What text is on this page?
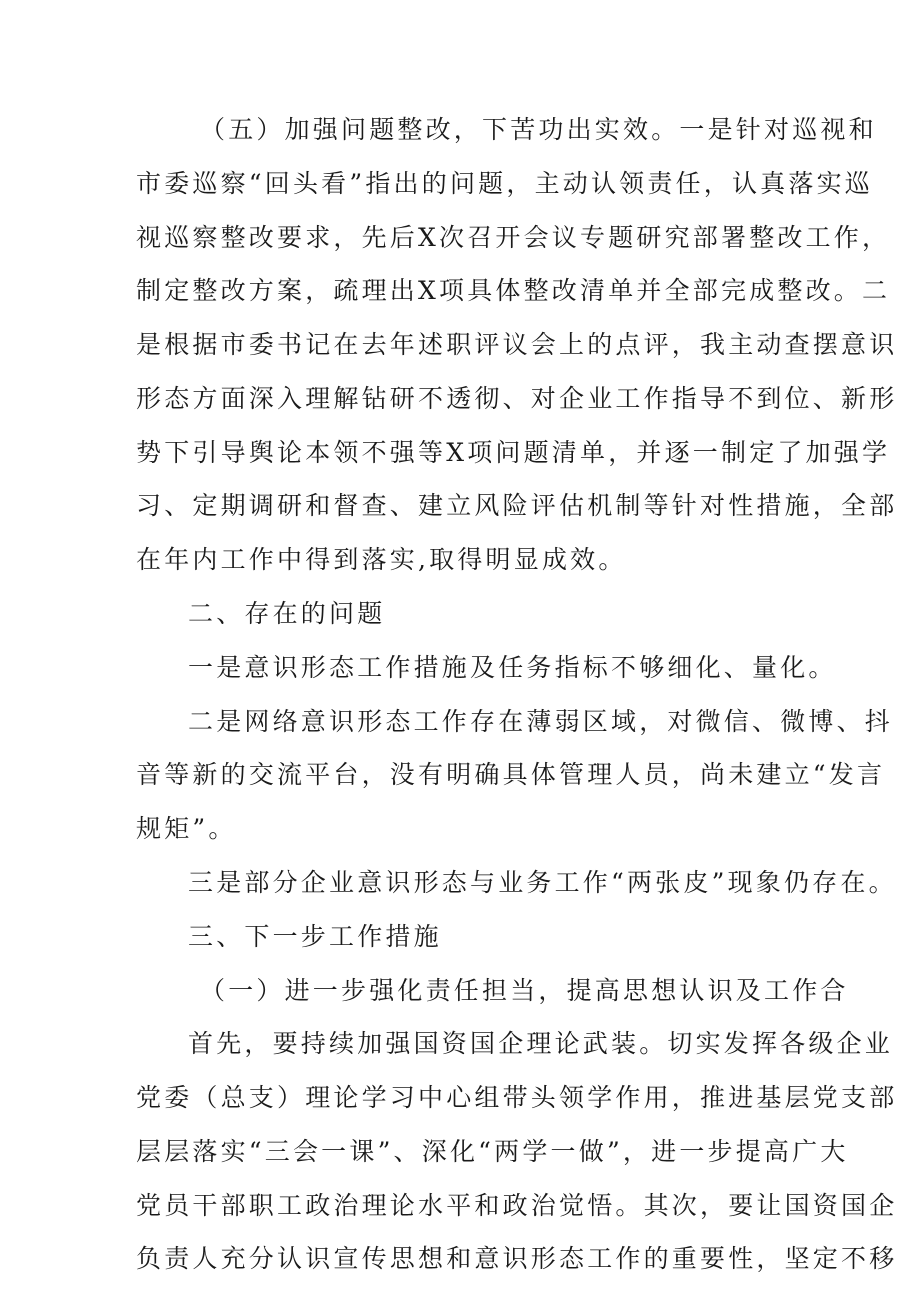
（五）加强问题整改，下苦功出实效。一是针对巡视和
市委巡察“回头看”指出的问题，主动认领责任，认真落实巡
视巡察整改要求，先后X次召开会议专题研究部署整改工作，
制定整改方案，疏理出X项具体整改清单并全部完成整改。二
是根据市委书记在去年述职评议会上的点评，我主动查摆意识
形态方面深入理解钻研不透彻、对企业工作指导不到位、新形
势下引导舆论本领不强等X项问题清单，并逐一制定了加强学
习、定期调研和督查、建立风险评估机制等针对性措施，全部
在年内工作中得到落实,取得明显成效。
二、存在的问题
一是意识形态工作措施及任务指标不够细化、量化。
二是网络意识形态工作存在薄弱区域，对微信、微博、抖
音等新的交流平台，没有明确具体管理人员，尚未建立“发言
规矩”。
三是部分企业意识形态与业务工作“两张皮”现象仍存在。
三、下一步工作措施
（一）进一步强化责任担当，提高思想认识及工作合
首先，要持续加强国资国企理论武装。切实发挥各级企业
党委（总支）理论学习中心组带头领学作用，推进基层党支部
层层落实“三会一课”、深化“两学一做”，进一步提高广大
党员干部职工政治理论水平和政治觉悟。其次，要让国资国企
负责人充分认识宣传思想和意识形态工作的重要性，坚定不移
